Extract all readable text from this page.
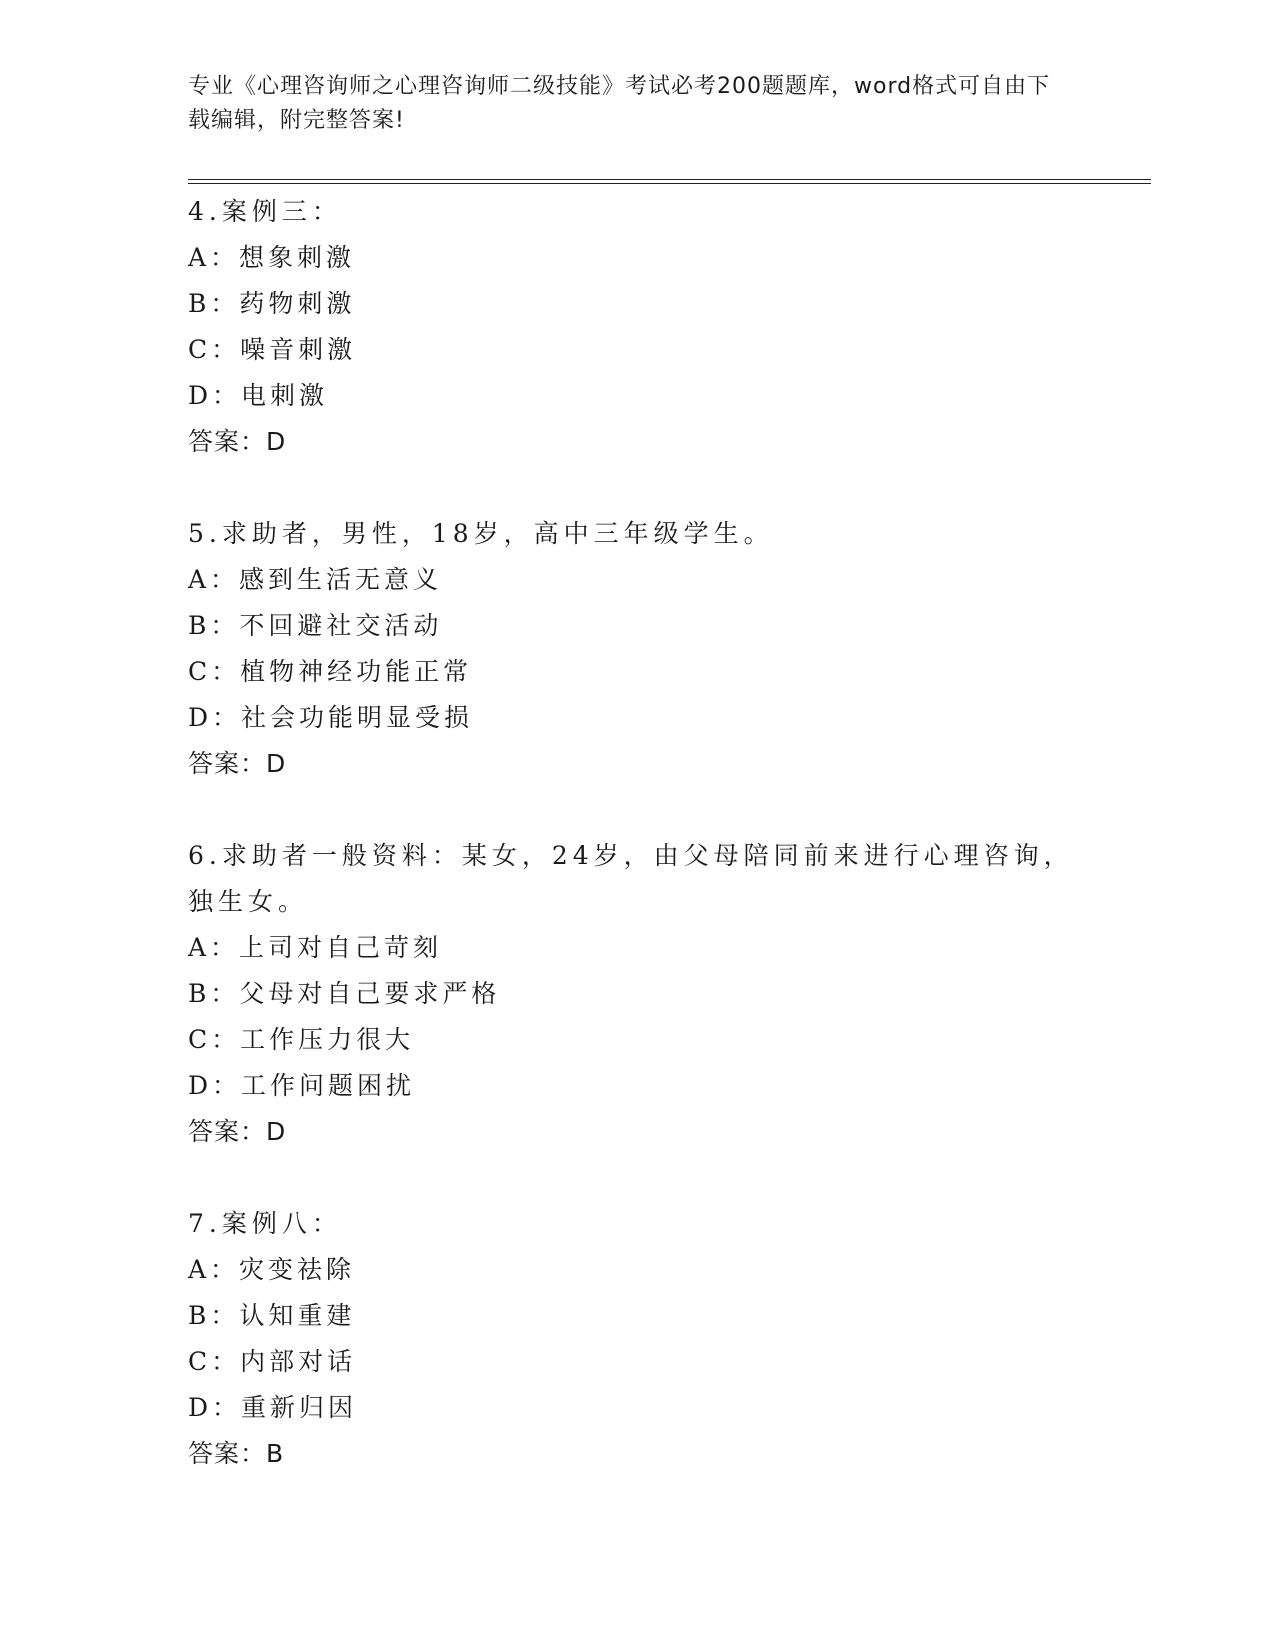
专业《心理咨询师之心理咨询师二级技能》考试必考200题题库，word格式可自由下载编辑，附完整答案!
4.案例三：
A：想象刺激
B：药物刺激
C：噪音刺激
D：电刺激
答案：D
5.求助者，男性，18岁，高中三年级学生。
A：感到生活无意义
B：不回避社交活动
C：植物神经功能正常
D：社会功能明显受损
答案：D
6.求助者一般资料：某女，24岁，由父母陪同前来进行心理咨询，独生女。
A：上司对自己苛刻
B：父母对自己要求严格
C：工作压力很大
D：工作问题困扰
答案：D
7.案例八：
A：灾变祛除
B：认知重建
C：内部对话
D：重新归因
答案：B
